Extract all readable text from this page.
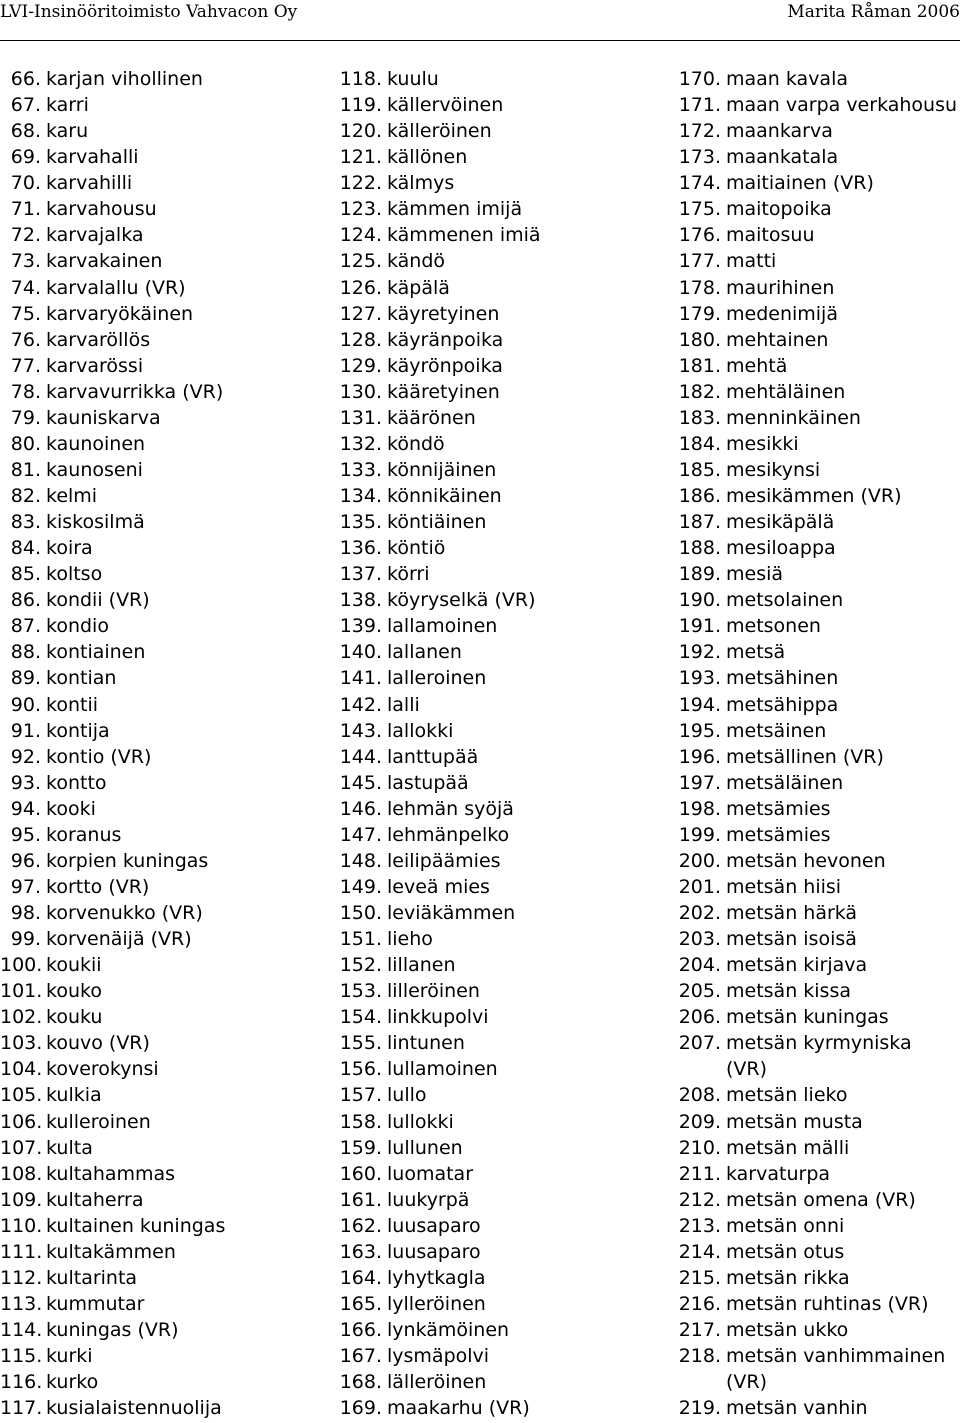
LVI-Insinööritoimisto Vahvacon Oy	Marita Råman 2006
66. karjan vihollinen
67. karri
68. karu
69. karvahalli
70. karvahilli
71. karvahousu
72. karvajalka
73. karvakainen
74. karvalallu (VR)
75. karvaryökäinen
76. karvaröllös
77. karvarössi
78. karvavurrikka (VR)
79. kauniskarva
80. kaunoinen
81. kaunoseni
82. kelmi
83. kiskosilmä
84. koira
85. koltso
86. kondii (VR)
87. kondio
88. kontiainen
89. kontian
90. kontii
91. kontija
92. kontio (VR)
93. kontto
94. kooki
95. koranus
96. korpien kuningas
97. kortto (VR)
98. korvenukko (VR)
99. korvenäijä (VR)
100. koukii
101. kouko
102. kouku
103. kouvo (VR)
104. koverokynsi
105. kulkia
106. kulleroinen
107. kulta
108. kultahammas
109. kultaherra
110. kultainen kuningas
111. kultakämmen
112. kultarinta
113. kummutar
114. kuningas (VR)
115. kurki
116. kurko
117. kusialaistennuolija
118. kuulu
119. källervöinen
120. källeröinen
121. källönen
122. kälmys
123. kämmen imijä
124. kämmenen imiä
125. kändö
126. käpälä
127. käyretyinen
128. käyränpoika
129. käyrönpoika
130. kääretyinen
131. käärönen
132. köndö
133. könnijäinen
134. könnikäinen
135. köntiäinen
136. köntiö
137. körri
138. köyryselkä (VR)
139. lallamoinen
140. lallanen
141. lalleroinen
142. lalli
143. lallokki
144. lanttupää
145. lastupää
146. lehmän syöjä
147. lehmänpelko
148. leilipäämies
149. leveä mies
150. leviäkämmen
151. lieho
152. lillanen
153. lilleröinen
154. linkkupolvi
155. lintunen
156. lullamoinen
157. lullo
158. lullokki
159. lullunen
160. luomatar
161. luukyrpä
162. luusaparo
163. luusaparo
164. lyhytkagla
165. lylleröinen
166. lynkämöinen
167. lysmäpolvi
168. lälleröinen
169. maakarhu (VR)
170. maan kavala
171. maan varpa verkahousu
172. maankarva
173. maankatala
174. maitiainen (VR)
175. maitopoika
176. maitosuu
177. matti
178. maurihinen
179. medenimijä
180. mehtainen
181. mehtä
182. mehtäläinen
183. menninkäinen
184. mesikki
185. mesikynsi
186. mesikämmen (VR)
187. mesikäpälä
188. mesiloappa
189. mesiä
190. metsolainen
191. metsonen
192. metsä
193. metsähinen
194. metsähippa
195. metsäinen
196. metsällinen (VR)
197. metsäläinen
198. metsämies
199. metsämies
200. metsän hevonen
201. metsän hiisi
202. metsän härkä
203. metsän isoisä
204. metsän kirjava
205. metsän kissa
206. metsän kuningas
207. metsän kyrmyniska (VR)
208. metsän lieko
209. metsän musta
210. metsän mälli
211. karvaturpa
212. metsän omena (VR)
213. metsän onni
214. metsän otus
215. metsän rikka
216. metsän ruhtinas (VR)
217. metsän ukko
218. metsän vanhimmainen (VR)
219. metsän vanhin
